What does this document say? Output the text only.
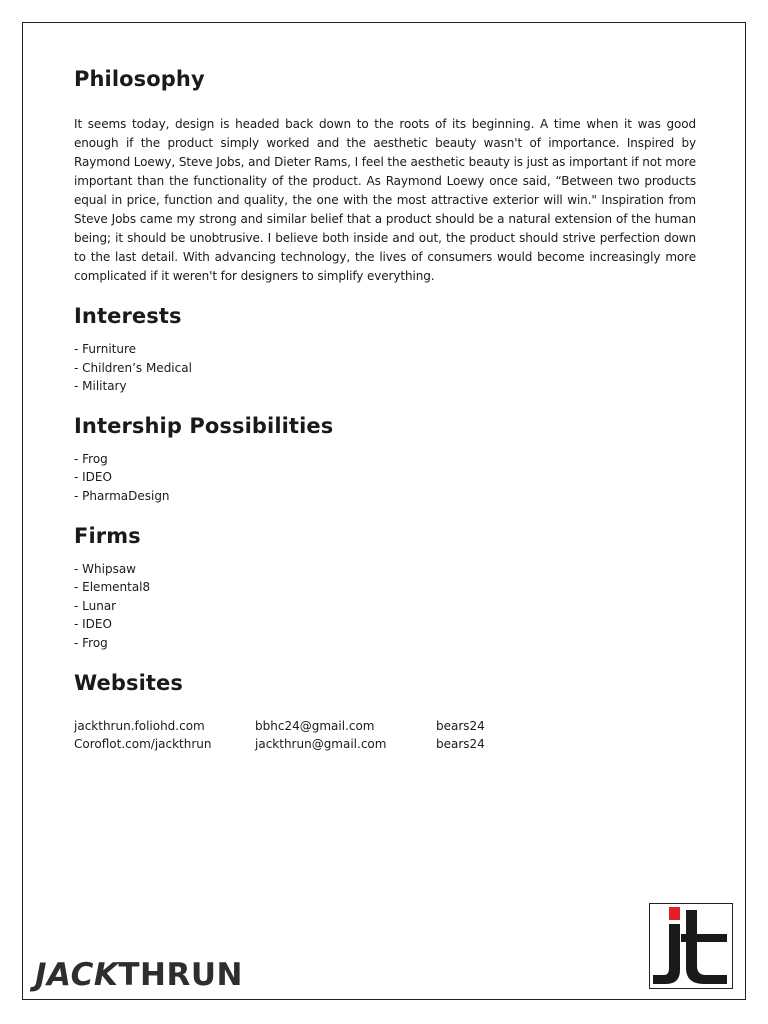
Philosophy
It seems today, design is headed back down to the roots of its beginning. A time when it was good enough if the product simply worked and the aesthetic beauty wasn't of importance. Inspired by Raymond Loewy, Steve Jobs, and Dieter Rams, I feel the aesthetic beauty is just as important if not more important than the functionality of the product. As Raymond Loewy once said, “Between two products equal in price, function and quality, the one with the most attractive exterior will win." Inspiration from Steve Jobs came my strong and similar belief that a product should be a natural extension of the human being; it should be unobtrusive. I believe both inside and out, the product should strive perfection down to the last detail. With advancing technology, the lives of consumers would become increasingly more complicated if it weren't for designers to simplify everything.
Interests
- Furniture
- Children’s Medical
- Military
Intership Possibilities
- Frog
- IDEO
- PharmaDesign
Firms
- Whipsaw
- Elemental8
- Lunar
- IDEO
- Frog
Websites
jackthrun.foliohd.com	bbhc24@gmail.com	bears24
Coroflot.com/jackthrun	jackthrun@gmail.com	bears24
JACKTHRUN
